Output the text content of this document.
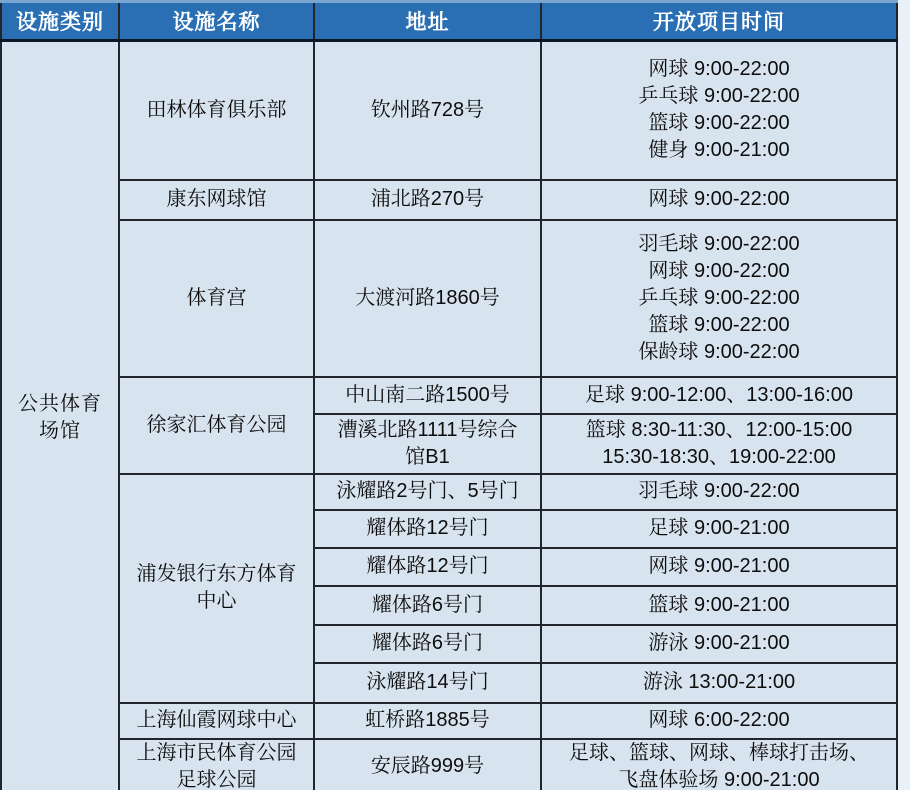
设施类别	设施名称	地址	开放项目时间
公共体育场馆	田林体育俱乐部	钦州路728号	网球 9:00-22:00
乒乓球 9:00-22:00
篮球 9:00-22:00
健身 9:00-21:00

	康东网球馆	浦北路270号	网球 9:00-22:00

	体育宫	大渡河路1860号	羽毛球 9:00-22:00
网球 9:00-22:00
乒乓球 9:00-22:00
篮球 9:00-22:00
保龄球 9:00-22:00

	徐家汇体育公园	中山南二路1500号	足球 9:00-12:00、13:00-16:00

		漕溪北路1111号综合馆B1	篮球 8:30-11:30、12:00-15:00
15:30-18:30、19:00-22:00

	浦发银行东方体育中心	泳耀路2号门、5号门	羽毛球 9:00-22:00

		耀体路12号门	足球 9:00-21:00

		耀体路12号门	网球 9:00-21:00

		耀体路6号门	篮球 9:00-21:00

		耀体路6号门	游泳 9:00-21:00

		泳耀路14号门	游泳 13:00-21:00

	上海仙霞网球中心	虹桥路1885号	网球 6:00-22:00

	上海市民体育公园足球公园	安辰路999号	足球、篮球、网球、棒球打击场、
飞盘体验场 9:00-21:00
